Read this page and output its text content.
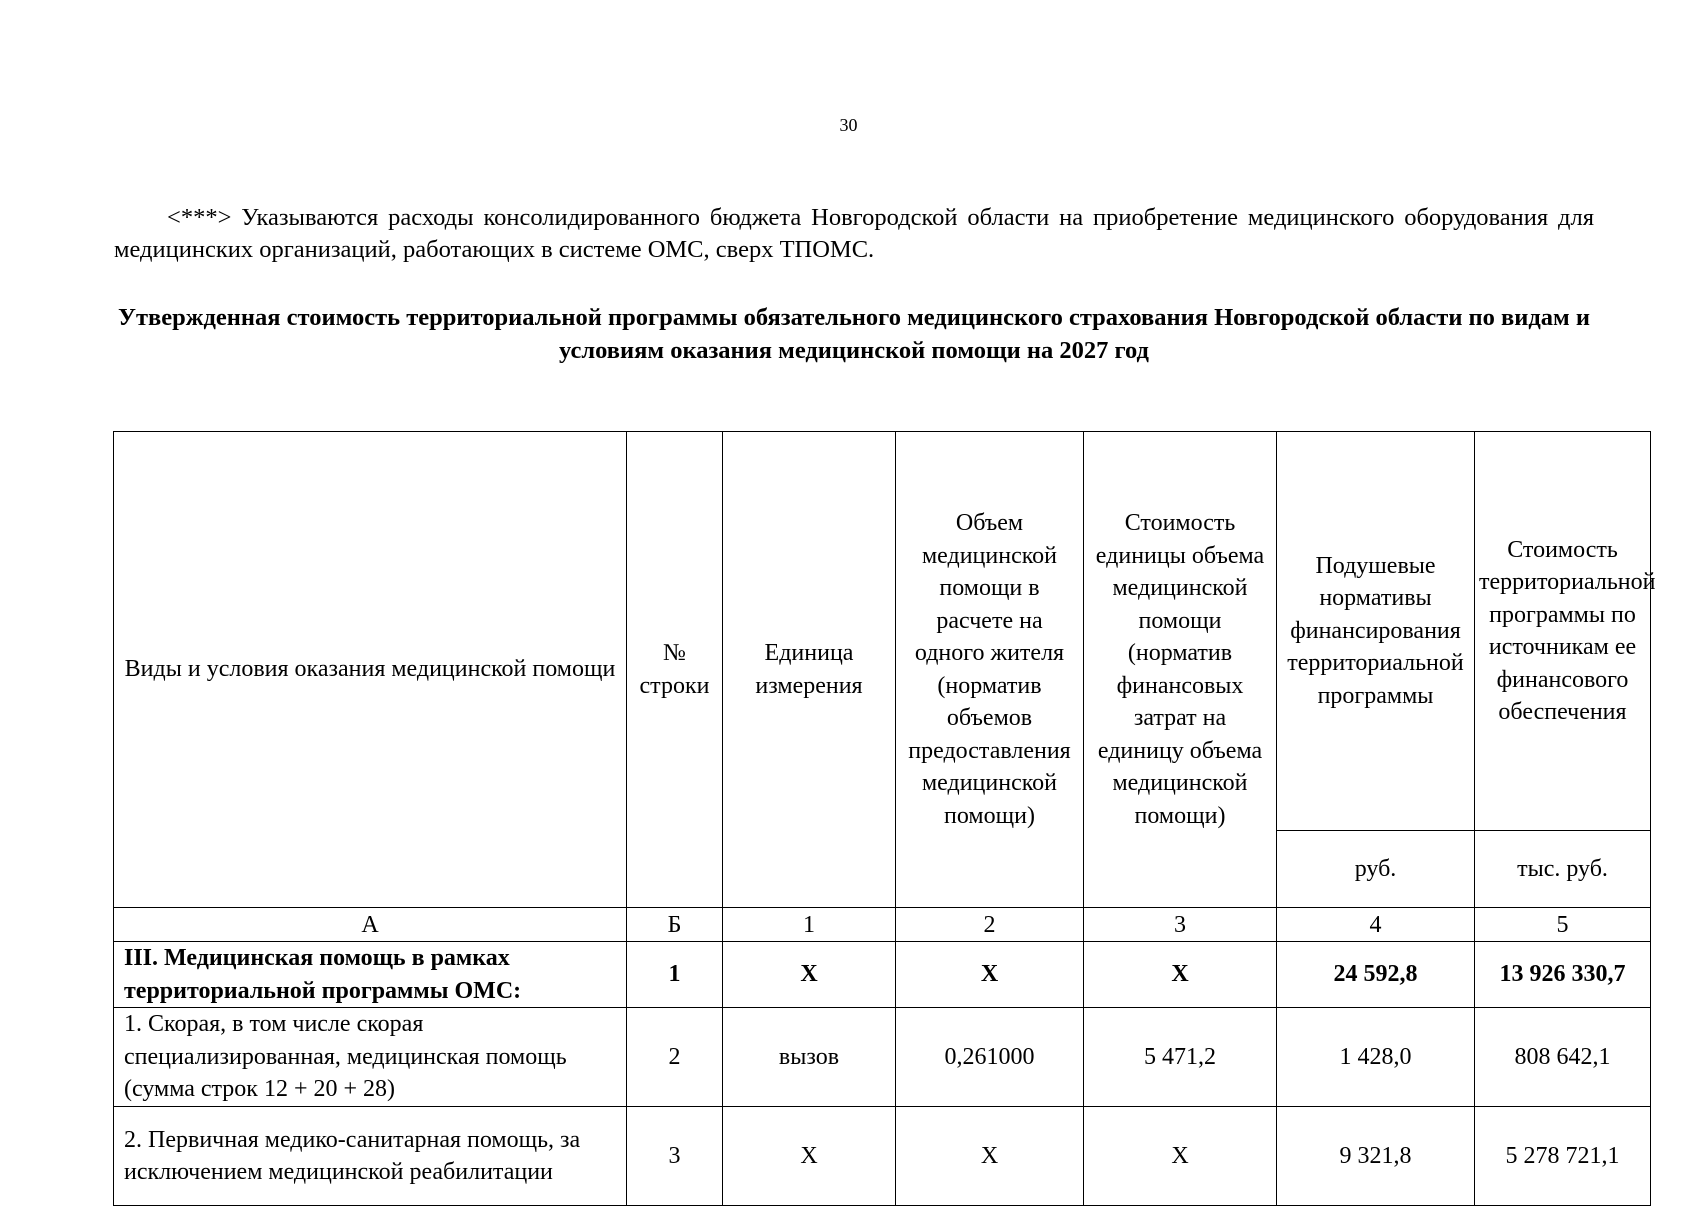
30

<***> Указываются расходы консолидированного бюджета Новгородской области на приобретение медицинского оборудования для медицинских организаций, работающих в системе ОМС, сверх ТПОМС.

Утвержденная стоимость территориальной программы обязательного медицинского страхования Новгородской области по видам и условиям оказания медицинской помощи на 2027 год

Виды и условия оказания медицинской помощи	№ строки	Единица измерения	Объем медицинской помощи в расчете на одного жителя (норматив объемов предоставления медицинской помощи)	Стоимость единицы объема медицинской помощи (норматив финансовых затрат на единицу объема медицинской помощи)	Подушевые нормативы финансирования территориальной программы	Стоимость территориальной программы по источникам ее финансового обеспечения
					руб.	тыс. руб.
А	Б	1	2	3	4	5
III. Медицинская помощь в рамках территориальной программы ОМС:	1	Х	Х	Х	24 592,8	13 926 330,7
1. Скорая, в том числе скорая специализированная, медицинская помощь (сумма строк 12 + 20 + 28)	2	вызов	0,261000	5 471,2	1 428,0	808 642,1
2. Первичная медико-санитарная помощь, за исключением медицинской реабилитации	3	Х	Х	Х	9 321,8	5 278 721,1
